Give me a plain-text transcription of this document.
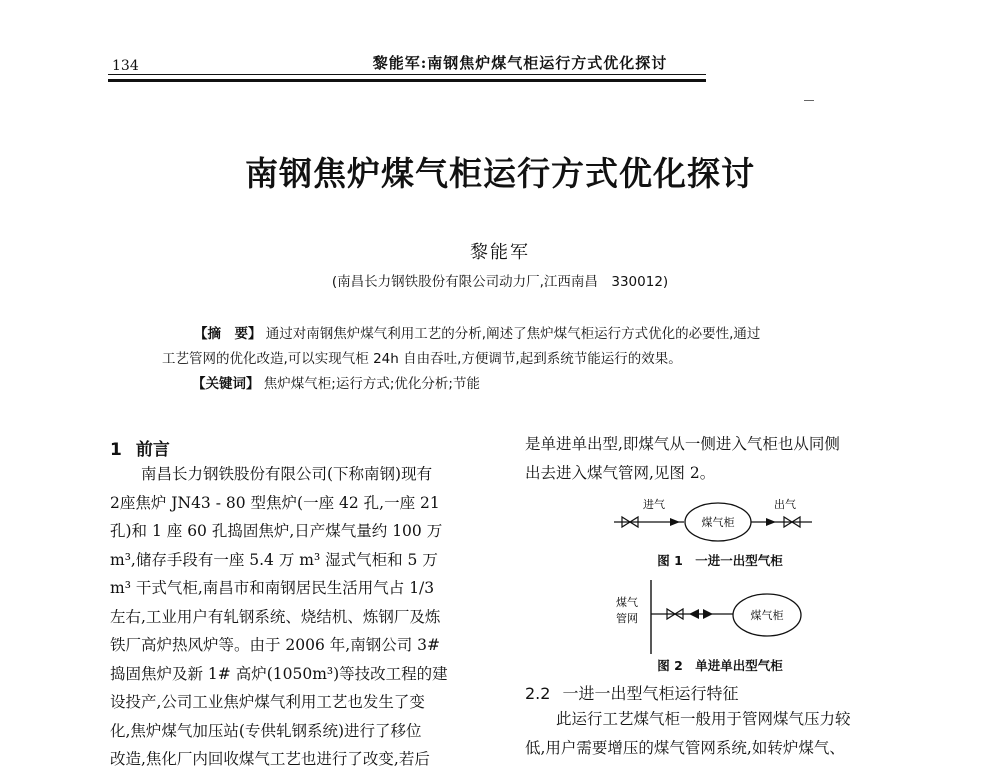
134	黎能军:南钢焦炉煤气柜运行方式优化探讨
南钢焦炉煤气柜运行方式优化探讨
黎能军
(南昌长力钢铁股份有限公司动力厂,江西南昌　330012)
【摘　要】 通过对南钢焦炉煤气利用工艺的分析,阐述了焦炉煤气柜运行方式优化的必要性,通过
工艺管网的优化改造,可以实现气柜 24h 自由吞吐,方便调节,起到系统节能运行的效果。
【关键词】 焦炉煤气柜;运行方式;优化分析;节能
1 前言

南昌长力钢铁股份有限公司(下称南钢)现有

2座焦炉 JN43 - 80 型焦炉(一座 42 孔,一座 21

孔)和 1 座 60 孔捣固焦炉,日产煤气量约 100 万

m³,储存手段有一座 5.4 万 m³ 湿式气柜和 5 万

m³ 干式气柜,南昌市和南钢居民生活用气占 1/3

左右,工业用户有轧钢系统、烧结机、炼钢厂及炼

铁厂高炉热风炉等。由于 2006 年,南钢公司 3#

捣固焦炉及新 1# 高炉(1050m³)等技改工程的建

设投产,公司工业焦炉煤气利用工艺也发生了变

化,焦炉煤气加压站(专供轧钢系统)进行了移位

改造,焦化厂内回收煤气工艺也进行了改变,若后

是单进单出型,即煤气从一侧进入气柜也从同侧

出去进入煤气管网,见图 2。

进气
煤气柜
出气
图 1　一进一出型气柜
煤气
管网	煤气柜
图 2　单进单出型气柜
2.2 一进一出型气柜运行特征

此运行工艺煤气柜一般用于管网煤气压力较

低,用户需要增压的煤气管网系统,如转炉煤气、
